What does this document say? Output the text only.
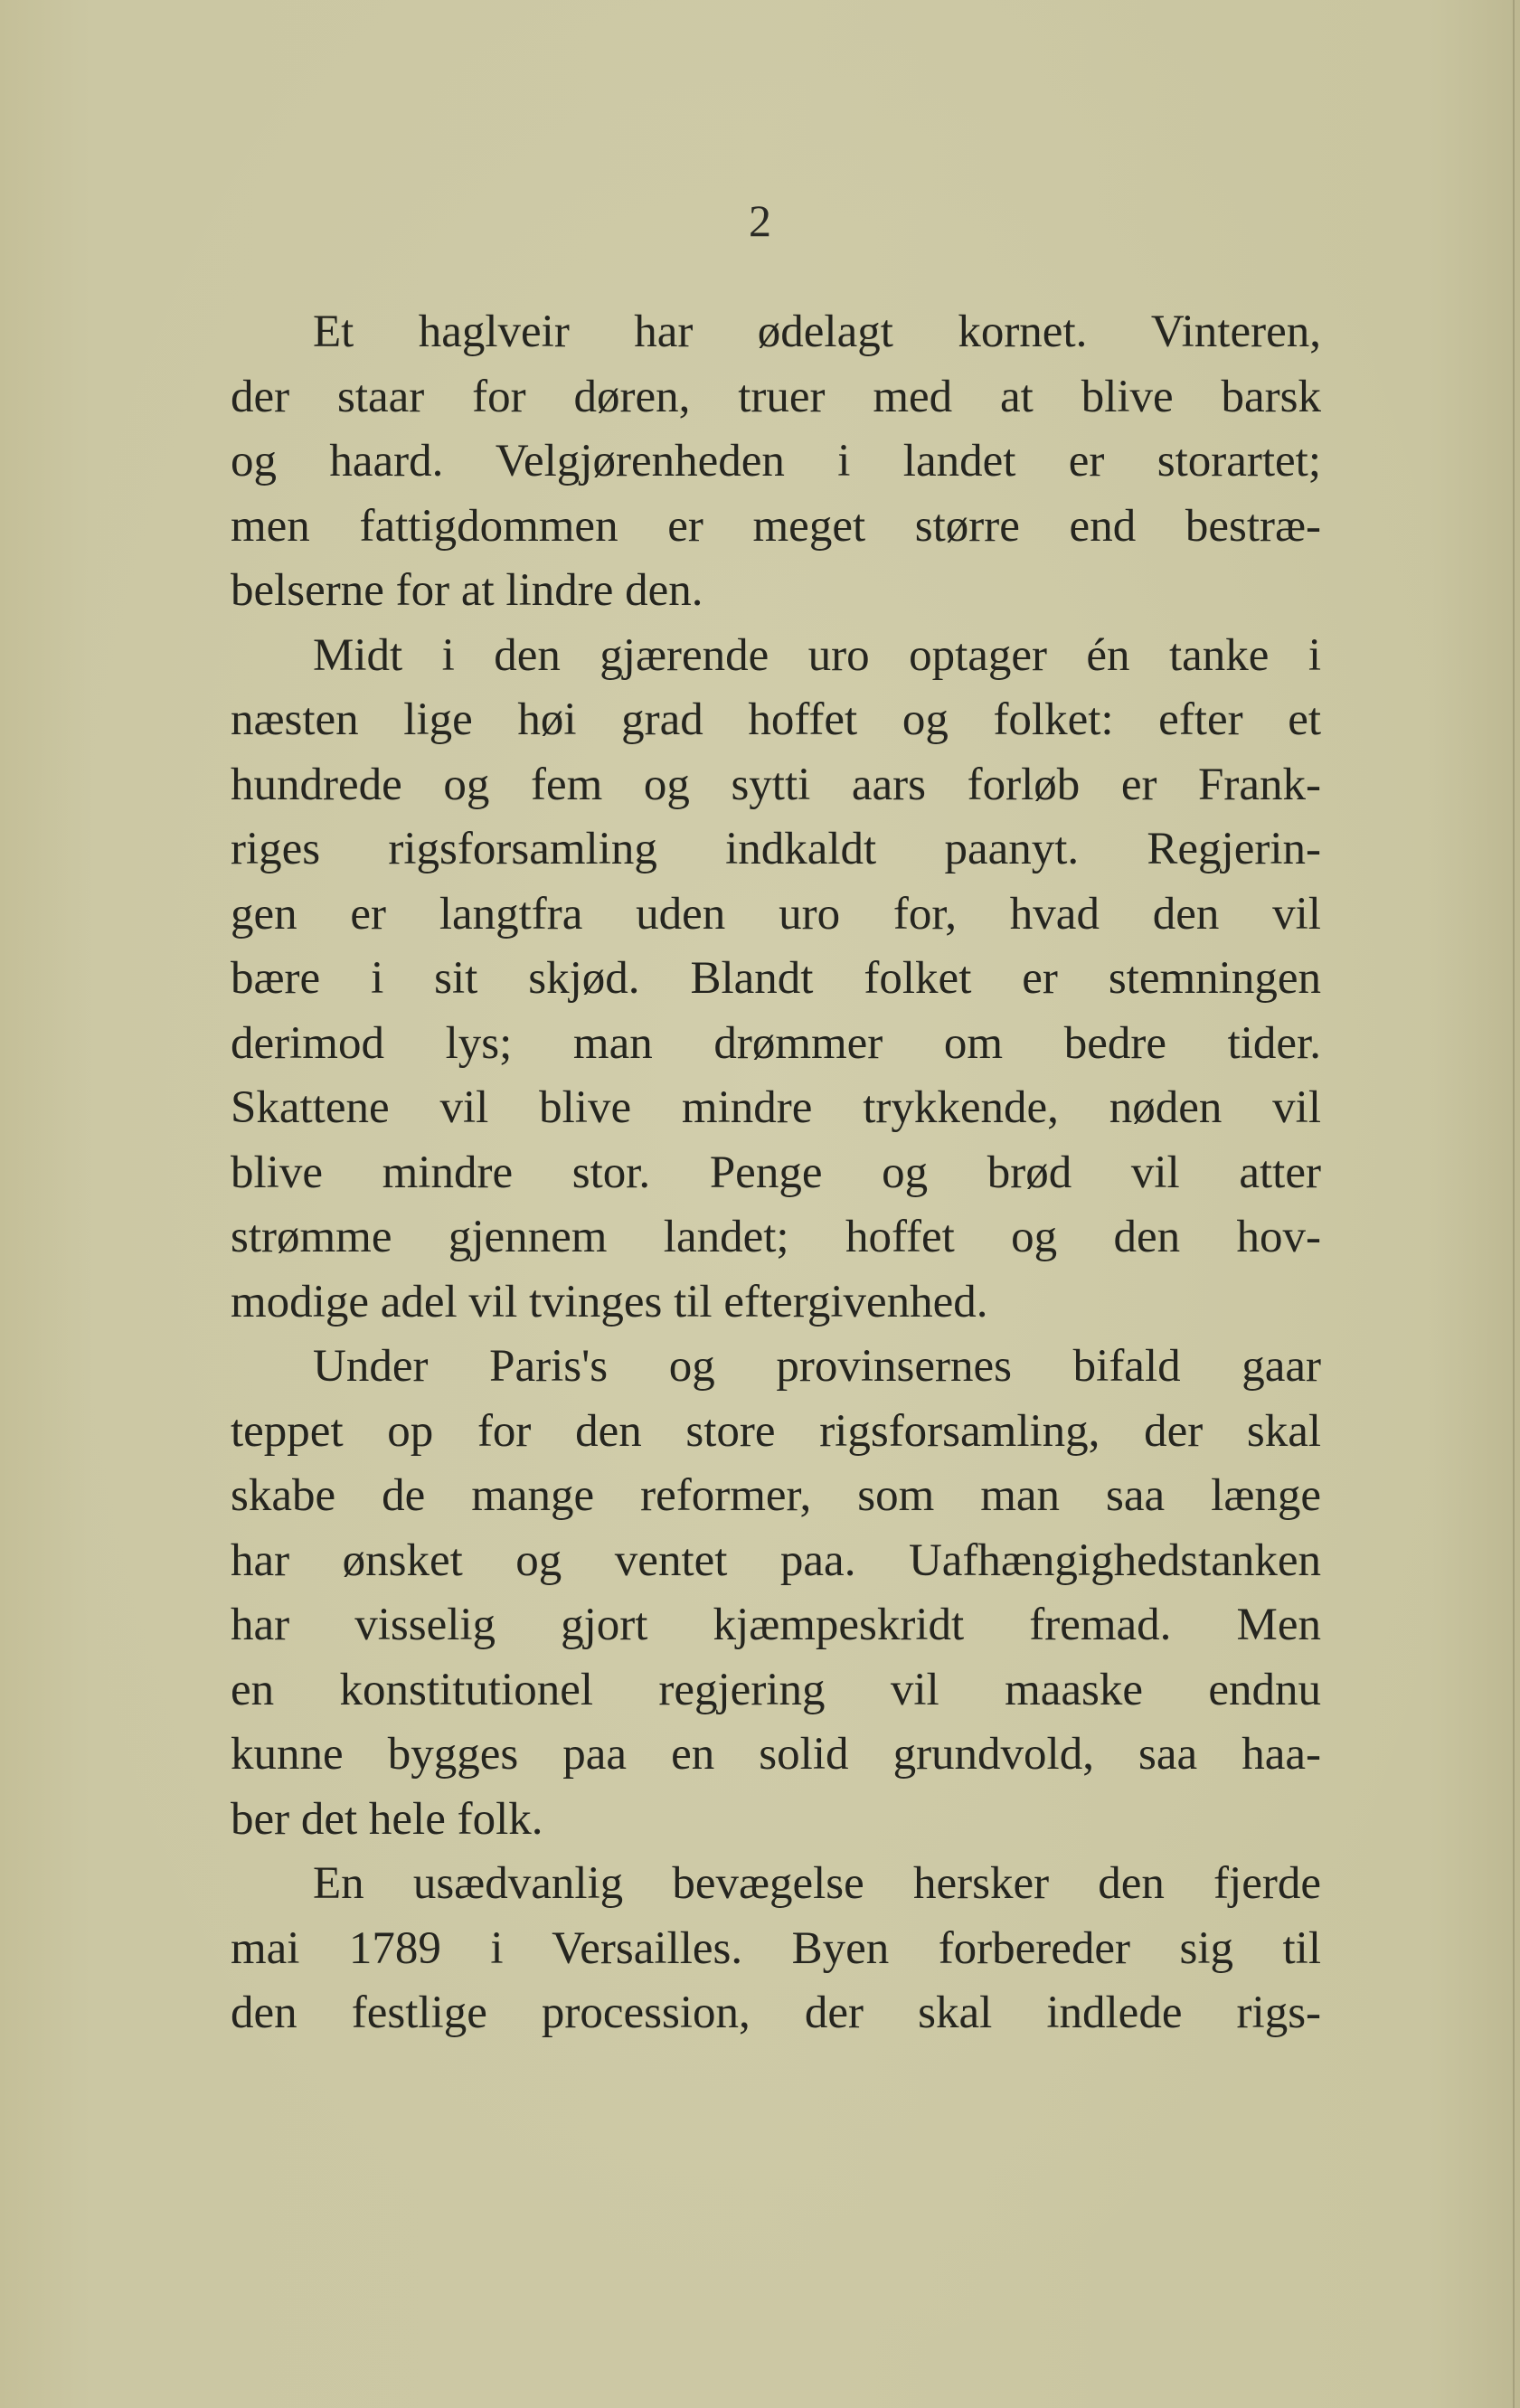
2
Et haglveir har ødelagt kornet. Vinteren,
der staar for døren, truer med at blive barsk
og haard. Velgjørenheden i landet er storartet;
men fattigdommen er meget større end bestræ-
belserne for at lindre den.
Midt i den gjærende uro optager én tanke i
næsten lige høi grad hoffet og folket: efter et
hundrede og fem og sytti aars forløb er Frank-
riges rigsforsamling indkaldt paanyt. Regjerin-
gen er langtfra uden uro for, hvad den vil
bære i sit skjød. Blandt folket er stemningen
derimod lys; man drømmer om bedre tider.
Skattene vil blive mindre trykkende, nøden vil
blive mindre stor. Penge og brød vil atter
strømme gjennem landet; hoffet og den hov-
modige adel vil tvinges til eftergivenhed.
Under Paris's og provinsernes bifald gaar
teppet op for den store rigsforsamling, der skal
skabe de mange reformer, som man saa længe
har ønsket og ventet paa. Uafhængighedstanken
har visselig gjort kjæmpeskridt fremad. Men
en konstitutionel regjering vil maaske endnu
kunne bygges paa en solid grundvold, saa haa-
ber det hele folk.
En usædvanlig bevægelse hersker den fjerde
mai 1789 i Versailles. Byen forbereder sig til
den festlige procession, der skal indlede rigs-
